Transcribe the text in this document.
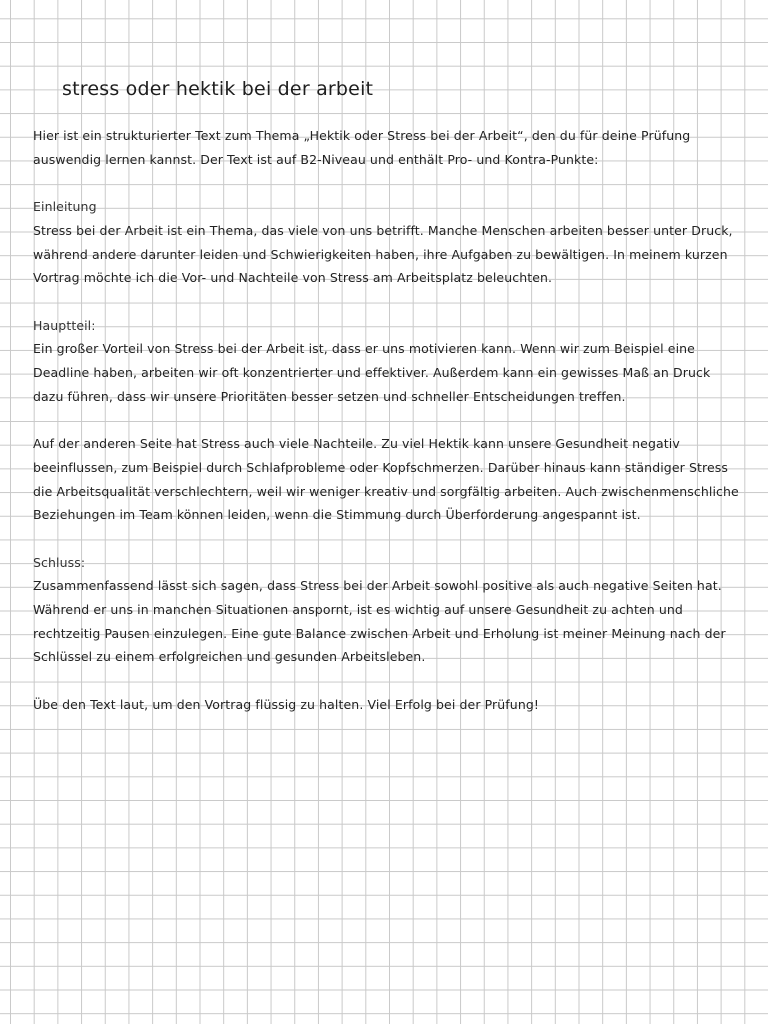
stress oder hektik bei der arbeit

Hier ist ein strukturierter Text zum Thema „Hektik oder Stress bei der Arbeit“, den du für deine Prüfung auswendig lernen kannst. Der Text ist auf B2-Niveau und enthält Pro- und Kontra-Punkte:

Einleitung

Stress bei der Arbeit ist ein Thema, das viele von uns betrifft. Manche Menschen arbeiten besser unter Druck, während andere darunter leiden und Schwierigkeiten haben, ihre Aufgaben zu bewältigen. In meinem kurzen Vortrag möchte ich die Vor- und Nachteile von Stress am Arbeitsplatz beleuchten.

Hauptteil:

Ein großer Vorteil von Stress bei der Arbeit ist, dass er uns motivieren kann. Wenn wir zum Beispiel eine Deadline haben, arbeiten wir oft konzentrierter und effektiver. Außerdem kann ein gewisses Maß an Druck dazu führen, dass wir unsere Prioritäten besser setzen und schneller Entscheidungen treffen.

Auf der anderen Seite hat Stress auch viele Nachteile. Zu viel Hektik kann unsere Gesundheit negativ beeinflussen, zum Beispiel durch Schlafprobleme oder Kopfschmerzen. Darüber hinaus kann ständiger Stress die Arbeitsqualität verschlechtern, weil wir weniger kreativ und sorgfältig arbeiten. Auch zwischenmenschliche Beziehungen im Team können leiden, wenn die Stimmung durch Überforderung angespannt ist.

Schluss:

Zusammenfassend lässt sich sagen, dass Stress bei der Arbeit sowohl positive als auch negative Seiten hat. Während er uns in manchen Situationen anspornt, ist es wichtig auf unsere Gesundheit zu achten und rechtzeitig Pausen einzulegen. Eine gute Balance zwischen Arbeit und Erholung ist meiner Meinung nach der Schlüssel zu einem erfolgreichen und gesunden Arbeitsleben.

Übe den Text laut, um den Vortrag flüssig zu halten. Viel Erfolg bei der Prüfung!
